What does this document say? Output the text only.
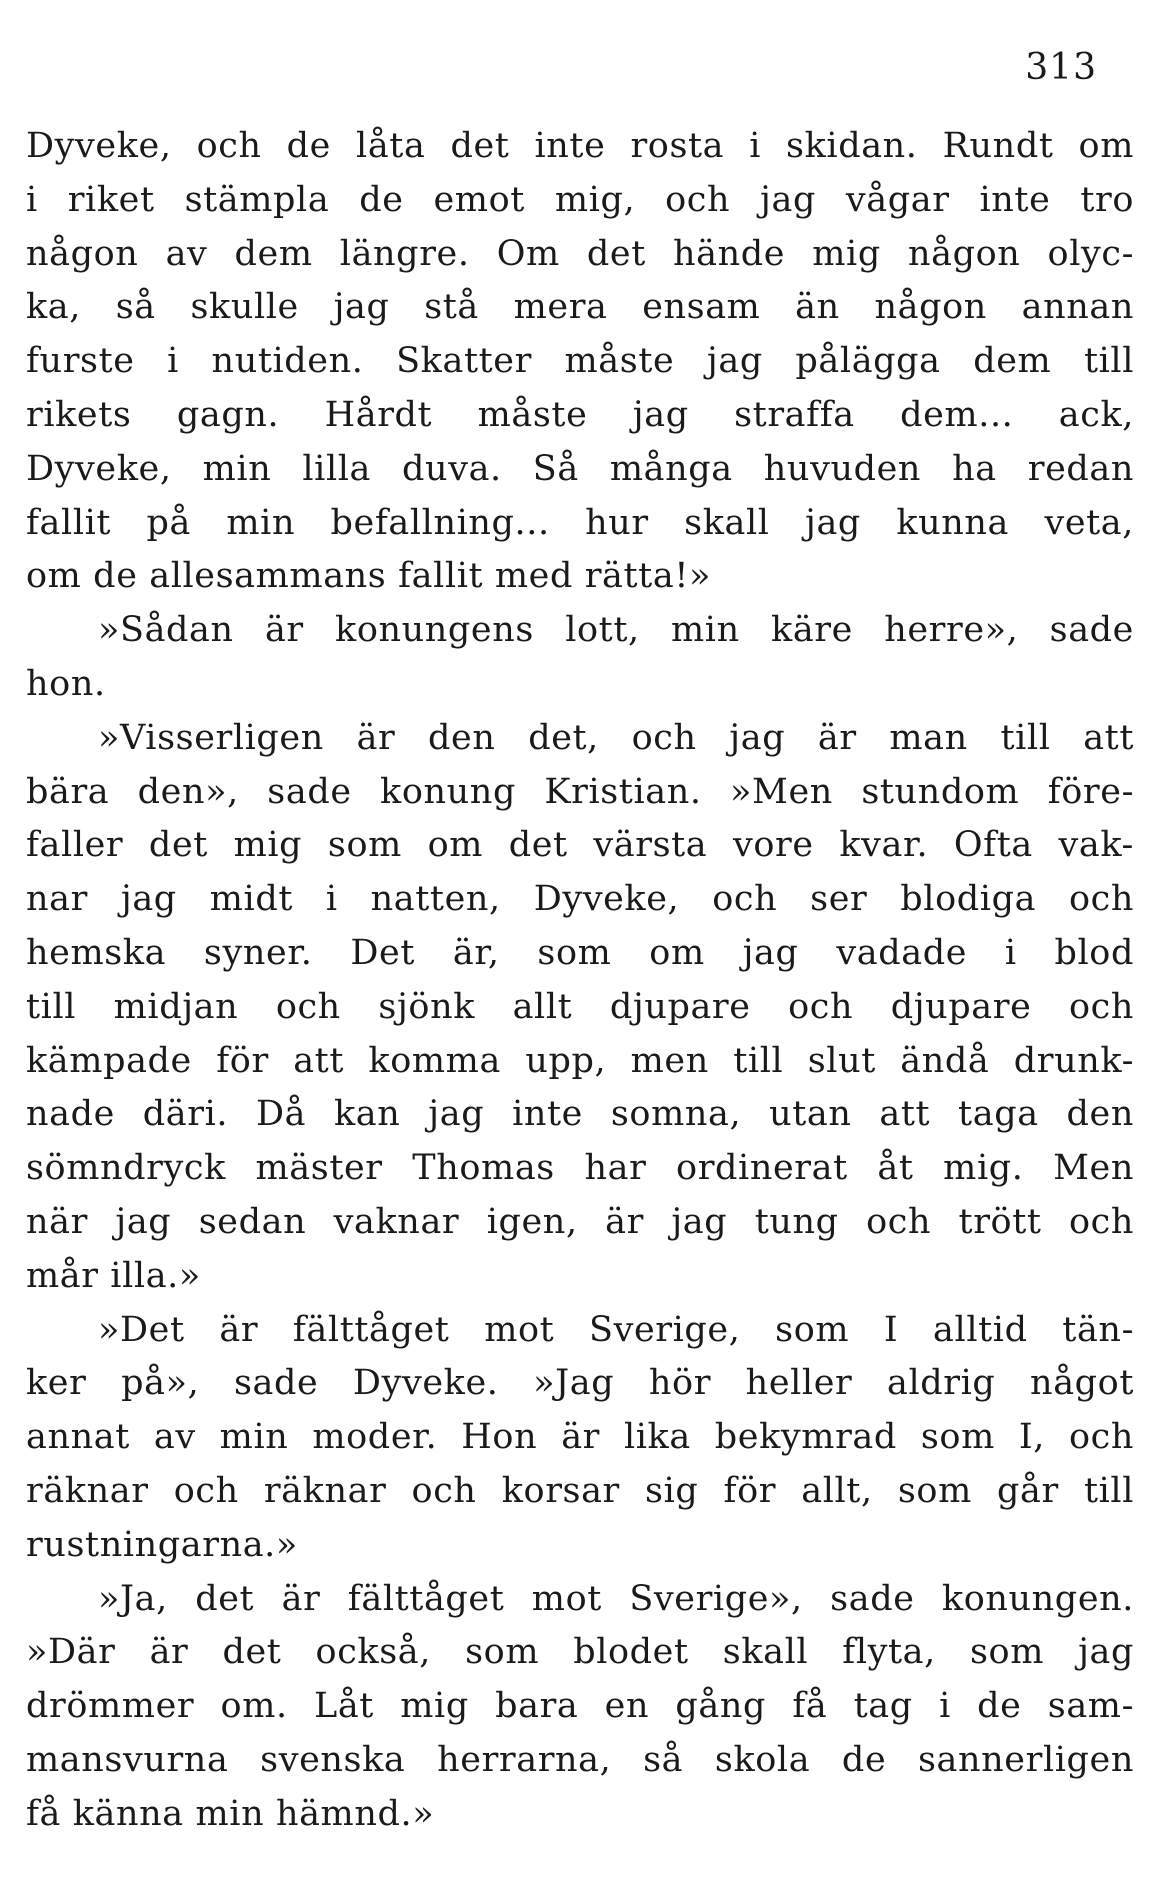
313
Dyveke, och de låta det inte rosta i skidan. Rundt om
i riket stämpla de emot mig, och jag vågar inte tro
någon av dem längre. Om det hände mig någon olyc-
ka, så skulle jag stå mera ensam än någon annan
furste i nutiden. Skatter måste jag pålägga dem till
rikets gagn. Hårdt måste jag straffa dem... ack,
Dyveke, min lilla duva. Så många huvuden ha redan
fallit på min befallning... hur skall jag kunna veta,
om de allesammans fallit med rätta!»
»Sådan är konungens lott, min käre herre», sade
hon.
»Visserligen är den det, och jag är man till att
bära den», sade konung Kristian. »Men stundom före-
faller det mig som om det värsta vore kvar. Ofta vak-
nar jag midt i natten, Dyveke, och ser blodiga och
hemska syner. Det är, som om jag vadade i blod
till midjan och sjönk allt djupare och djupare och
kämpade för att komma upp, men till slut ändå drunk-
nade däri. Då kan jag inte somna, utan att taga den
sömndryck mäster Thomas har ordinerat åt mig. Men
när jag sedan vaknar igen, är jag tung och trött och
mår illa.»
»Det är fälttåget mot Sverige, som I alltid tän-
ker på», sade Dyveke. »Jag hör heller aldrig något
annat av min moder. Hon är lika bekymrad som I, och
räknar och räknar och korsar sig för allt, som går till
rustningarna.»
»Ja, det är fälttåget mot Sverige», sade konungen.
»Där är det också, som blodet skall flyta, som jag
drömmer om. Låt mig bara en gång få tag i de sam-
mansvurna svenska herrarna, så skola de sannerligen
få känna min hämnd.»
